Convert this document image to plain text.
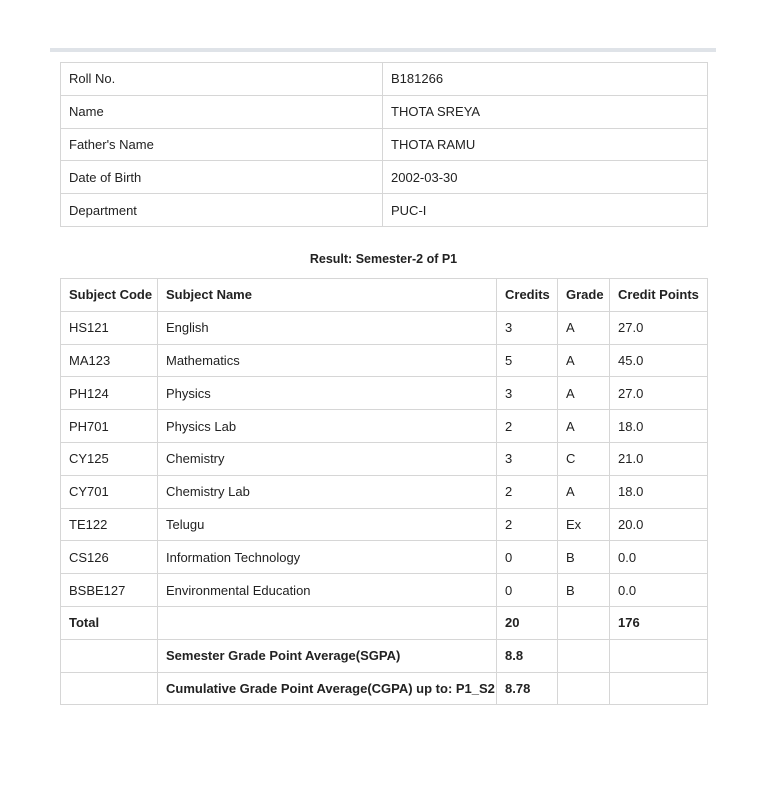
Roll No.	B181266
Name	THOTA SREYA
Father's Name	THOTA RAMU
Date of Birth	2002-03-30
Department	PUC-I
Result: Semester-2 of P1
Subject Code	Subject Name	Credits	Grade	Credit Points
HS121	English	3	A	27.0
MA123	Mathematics	5	A	45.0
PH124	Physics	3	A	27.0
PH701	Physics Lab	2	A	18.0
CY125	Chemistry	3	C	21.0
CY701	Chemistry Lab	2	A	18.0
TE122	Telugu	2	Ex	20.0
CS126	Information Technology	0	B	0.0
BSBE127	Environmental Education	0	B	0.0
Total		20		176
	Semester Grade Point Average(SGPA)	8.8		
	Cumulative Grade Point Average(CGPA) up to: P1_S2	8.78		
